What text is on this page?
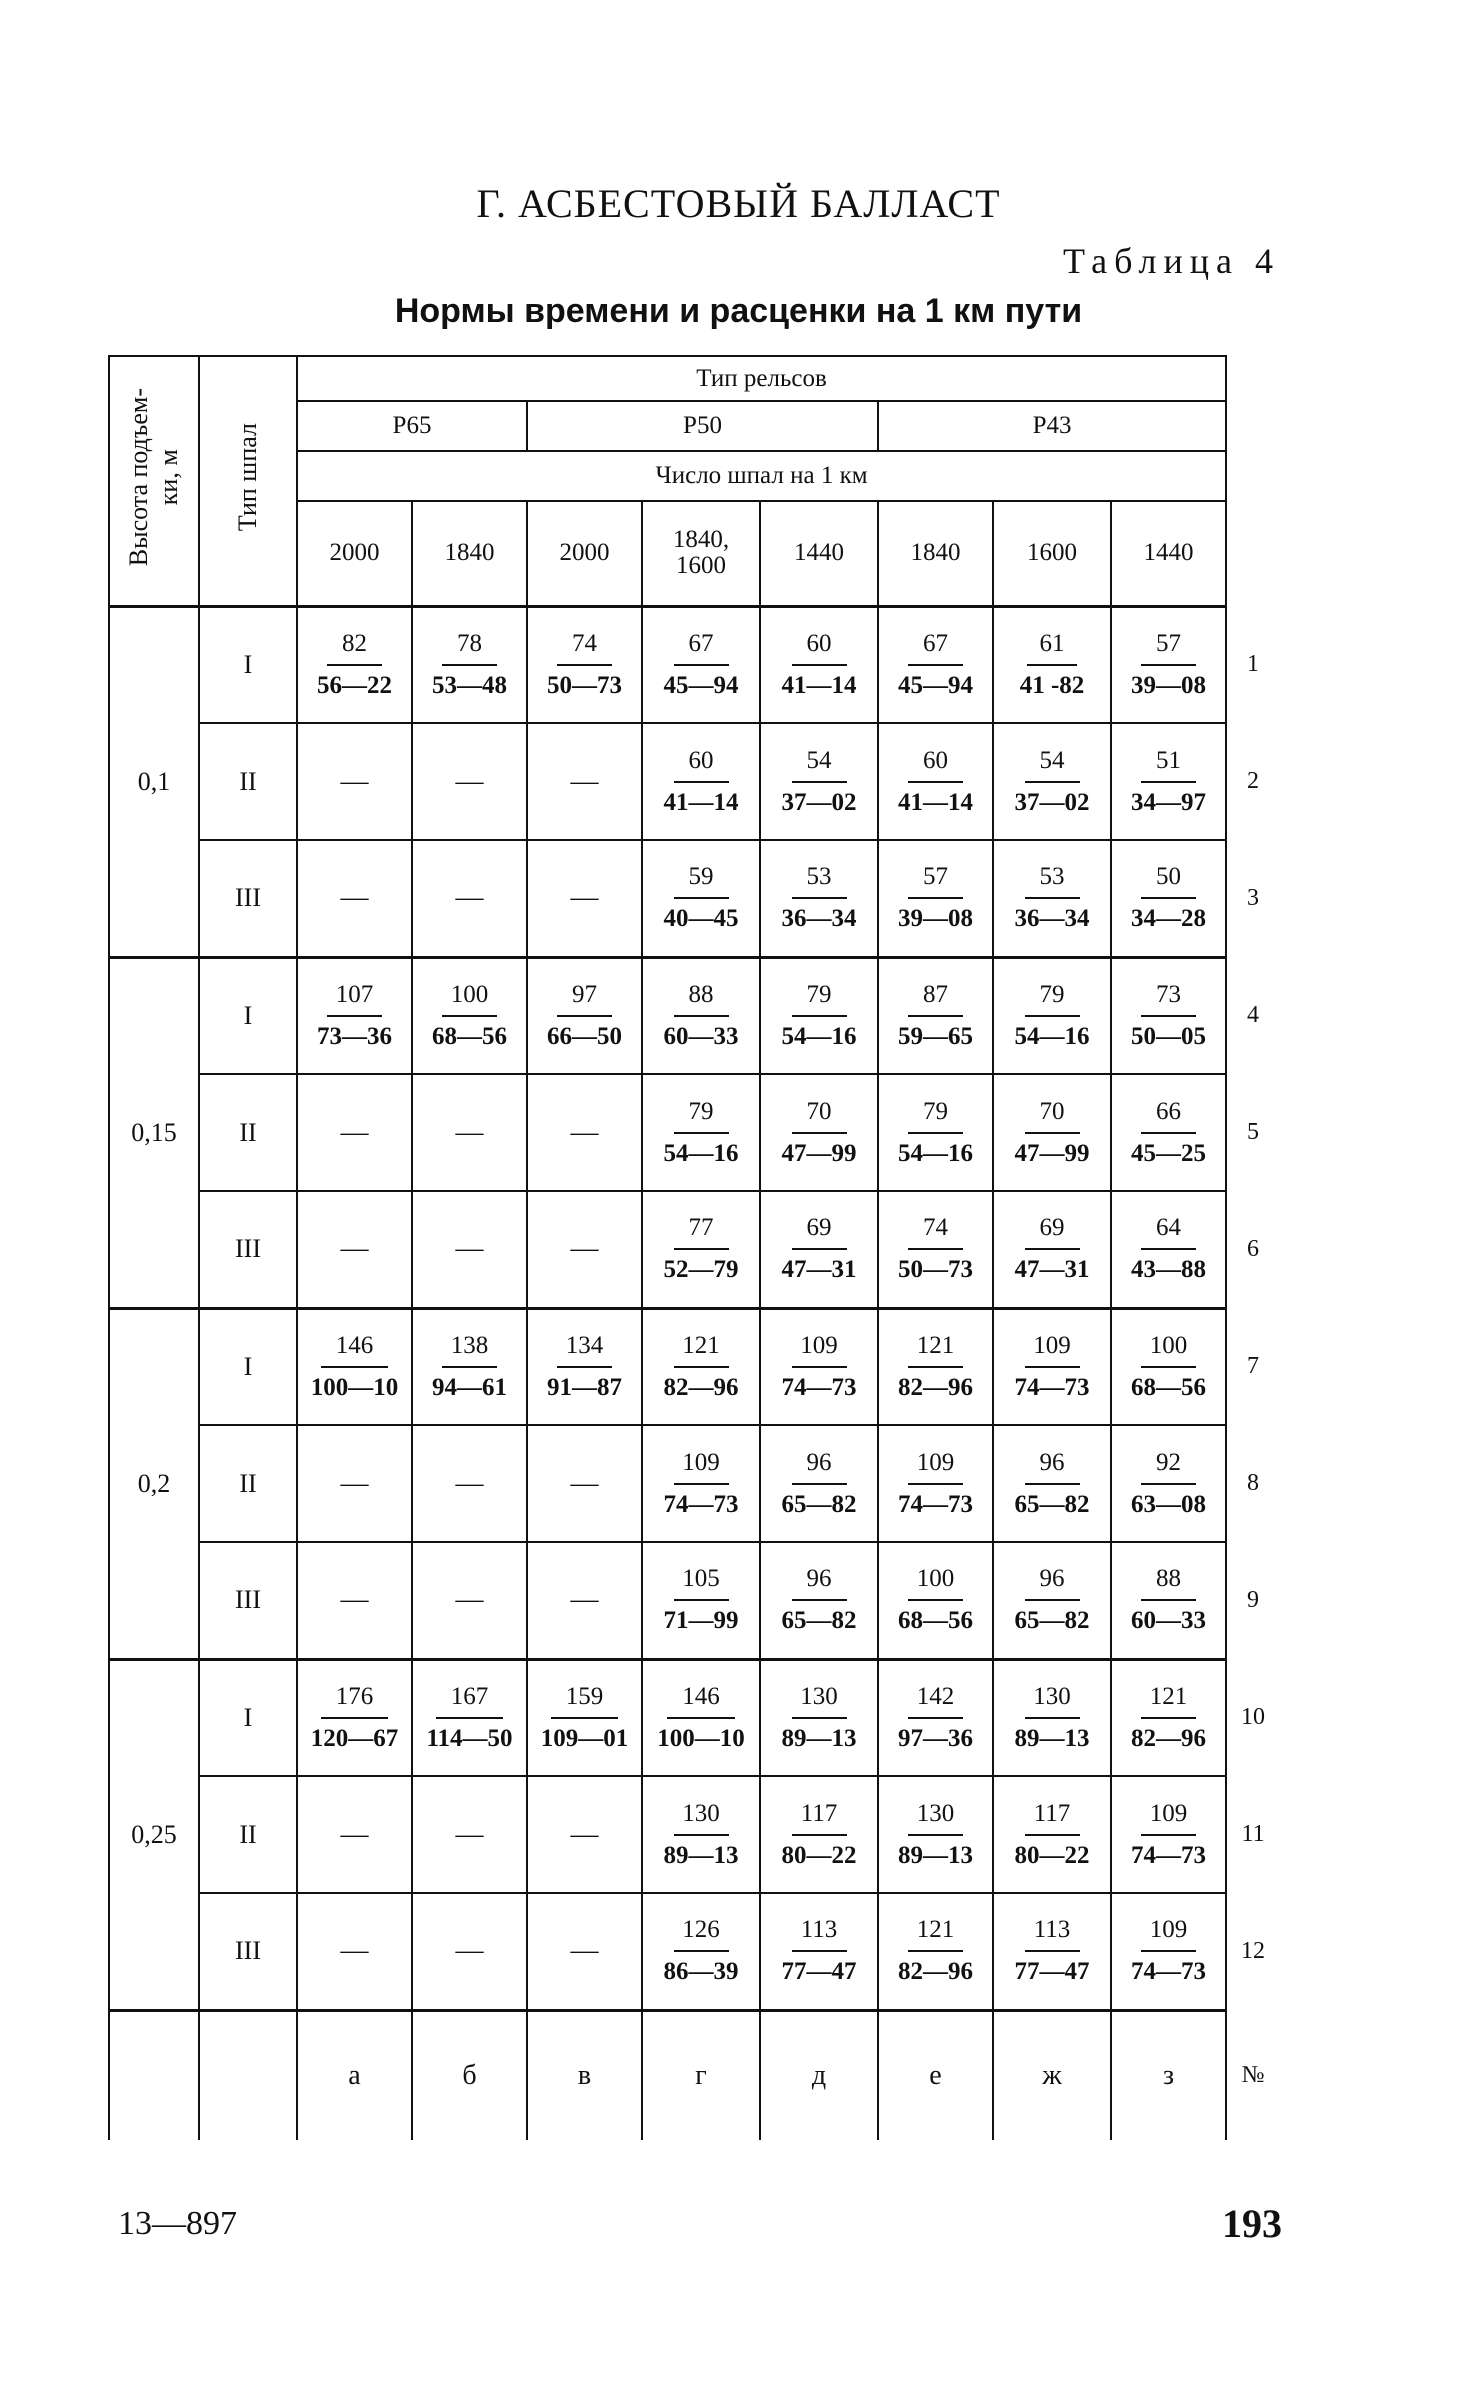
Г. АСБЕСТОВЫЙ БАЛЛАСТ
Таблица 4
Нормы времени и расценки на 1 км пути
Высота подъем-
ки, м	Тип шпал	Тип рельсов								
		Р65		Р50			Р43			
		Число шпал на 1 км								
		2000	1840	2000	1840,
1600	1440	1840	1600	1440	
0,1	I	$\frac{82}{56—22}$	$\frac{78}{53—48}$	$\frac{74}{50—73}$	$\frac{67}{45—94}$	$\frac{60}{41—14}$	$\frac{67}{45—94}$	$\frac{61}{41 -82}$	$\frac{57}{39—08}$	1
	II	—	—	—	$\frac{60}{41—14}$	$\frac{54}{37—02}$	$\frac{60}{41—14}$	$\frac{54}{37—02}$	$\frac{51}{34—97}$	2
	III	—	—	—	$\frac{59}{40—45}$	$\frac{53}{36—34}$	$\frac{57}{39—08}$	$\frac{53}{36—34}$	$\frac{50}{34—28}$	3
0,15	I	$\frac{107}{73—36}$	$\frac{100}{68—56}$	$\frac{97}{66—50}$	$\frac{88}{60—33}$	$\frac{79}{54—16}$	$\frac{87}{59—65}$	$\frac{79}{54—16}$	$\frac{73}{50—05}$	4
	II	—	—	—	$\frac{79}{54—16}$	$\frac{70}{47—99}$	$\frac{79}{54—16}$	$\frac{70}{47—99}$	$\frac{66}{45—25}$	5
	III	—	—	—	$\frac{77}{52—79}$	$\frac{69}{47—31}$	$\frac{74}{50—73}$	$\frac{69}{47—31}$	$\frac{64}{43—88}$	6
0,2	I	$\frac{146}{100—10}$	$\frac{138}{94—61}$	$\frac{134}{91—87}$	$\frac{121}{82—96}$	$\frac{109}{74—73}$	$\frac{121}{82—96}$	$\frac{109}{74—73}$	$\frac{100}{68—56}$	7
	II	—	—	—	$\frac{109}{74—73}$	$\frac{96}{65—82}$	$\frac{109}{74—73}$	$\frac{96}{65—82}$	$\frac{92}{63—08}$	8
	III	—	—	—	$\frac{105}{71—99}$	$\frac{96}{65—82}$	$\frac{100}{68—56}$	$\frac{96}{65—82}$	$\frac{88}{60—33}$	9
0,25	I	$\frac{176}{120—67}$	$\frac{167}{114—50}$	$\frac{159}{109—01}$	$\frac{146}{100—10}$	$\frac{130}{89—13}$	$\frac{142}{97—36}$	$\frac{130}{89—13}$	$\frac{121}{82—96}$	10
	II	—	—	—	$\frac{130}{89—13}$	$\frac{117}{80—22}$	$\frac{130}{89—13}$	$\frac{117}{80—22}$	$\frac{109}{74—73}$	11
	III	—	—	—	$\frac{126}{86—39}$	$\frac{113}{77—47}$	$\frac{121}{82—96}$	$\frac{113}{77—47}$	$\frac{109}{74—73}$	12
		а	б	в	г	д	е	ж	з	№
13—897	193
